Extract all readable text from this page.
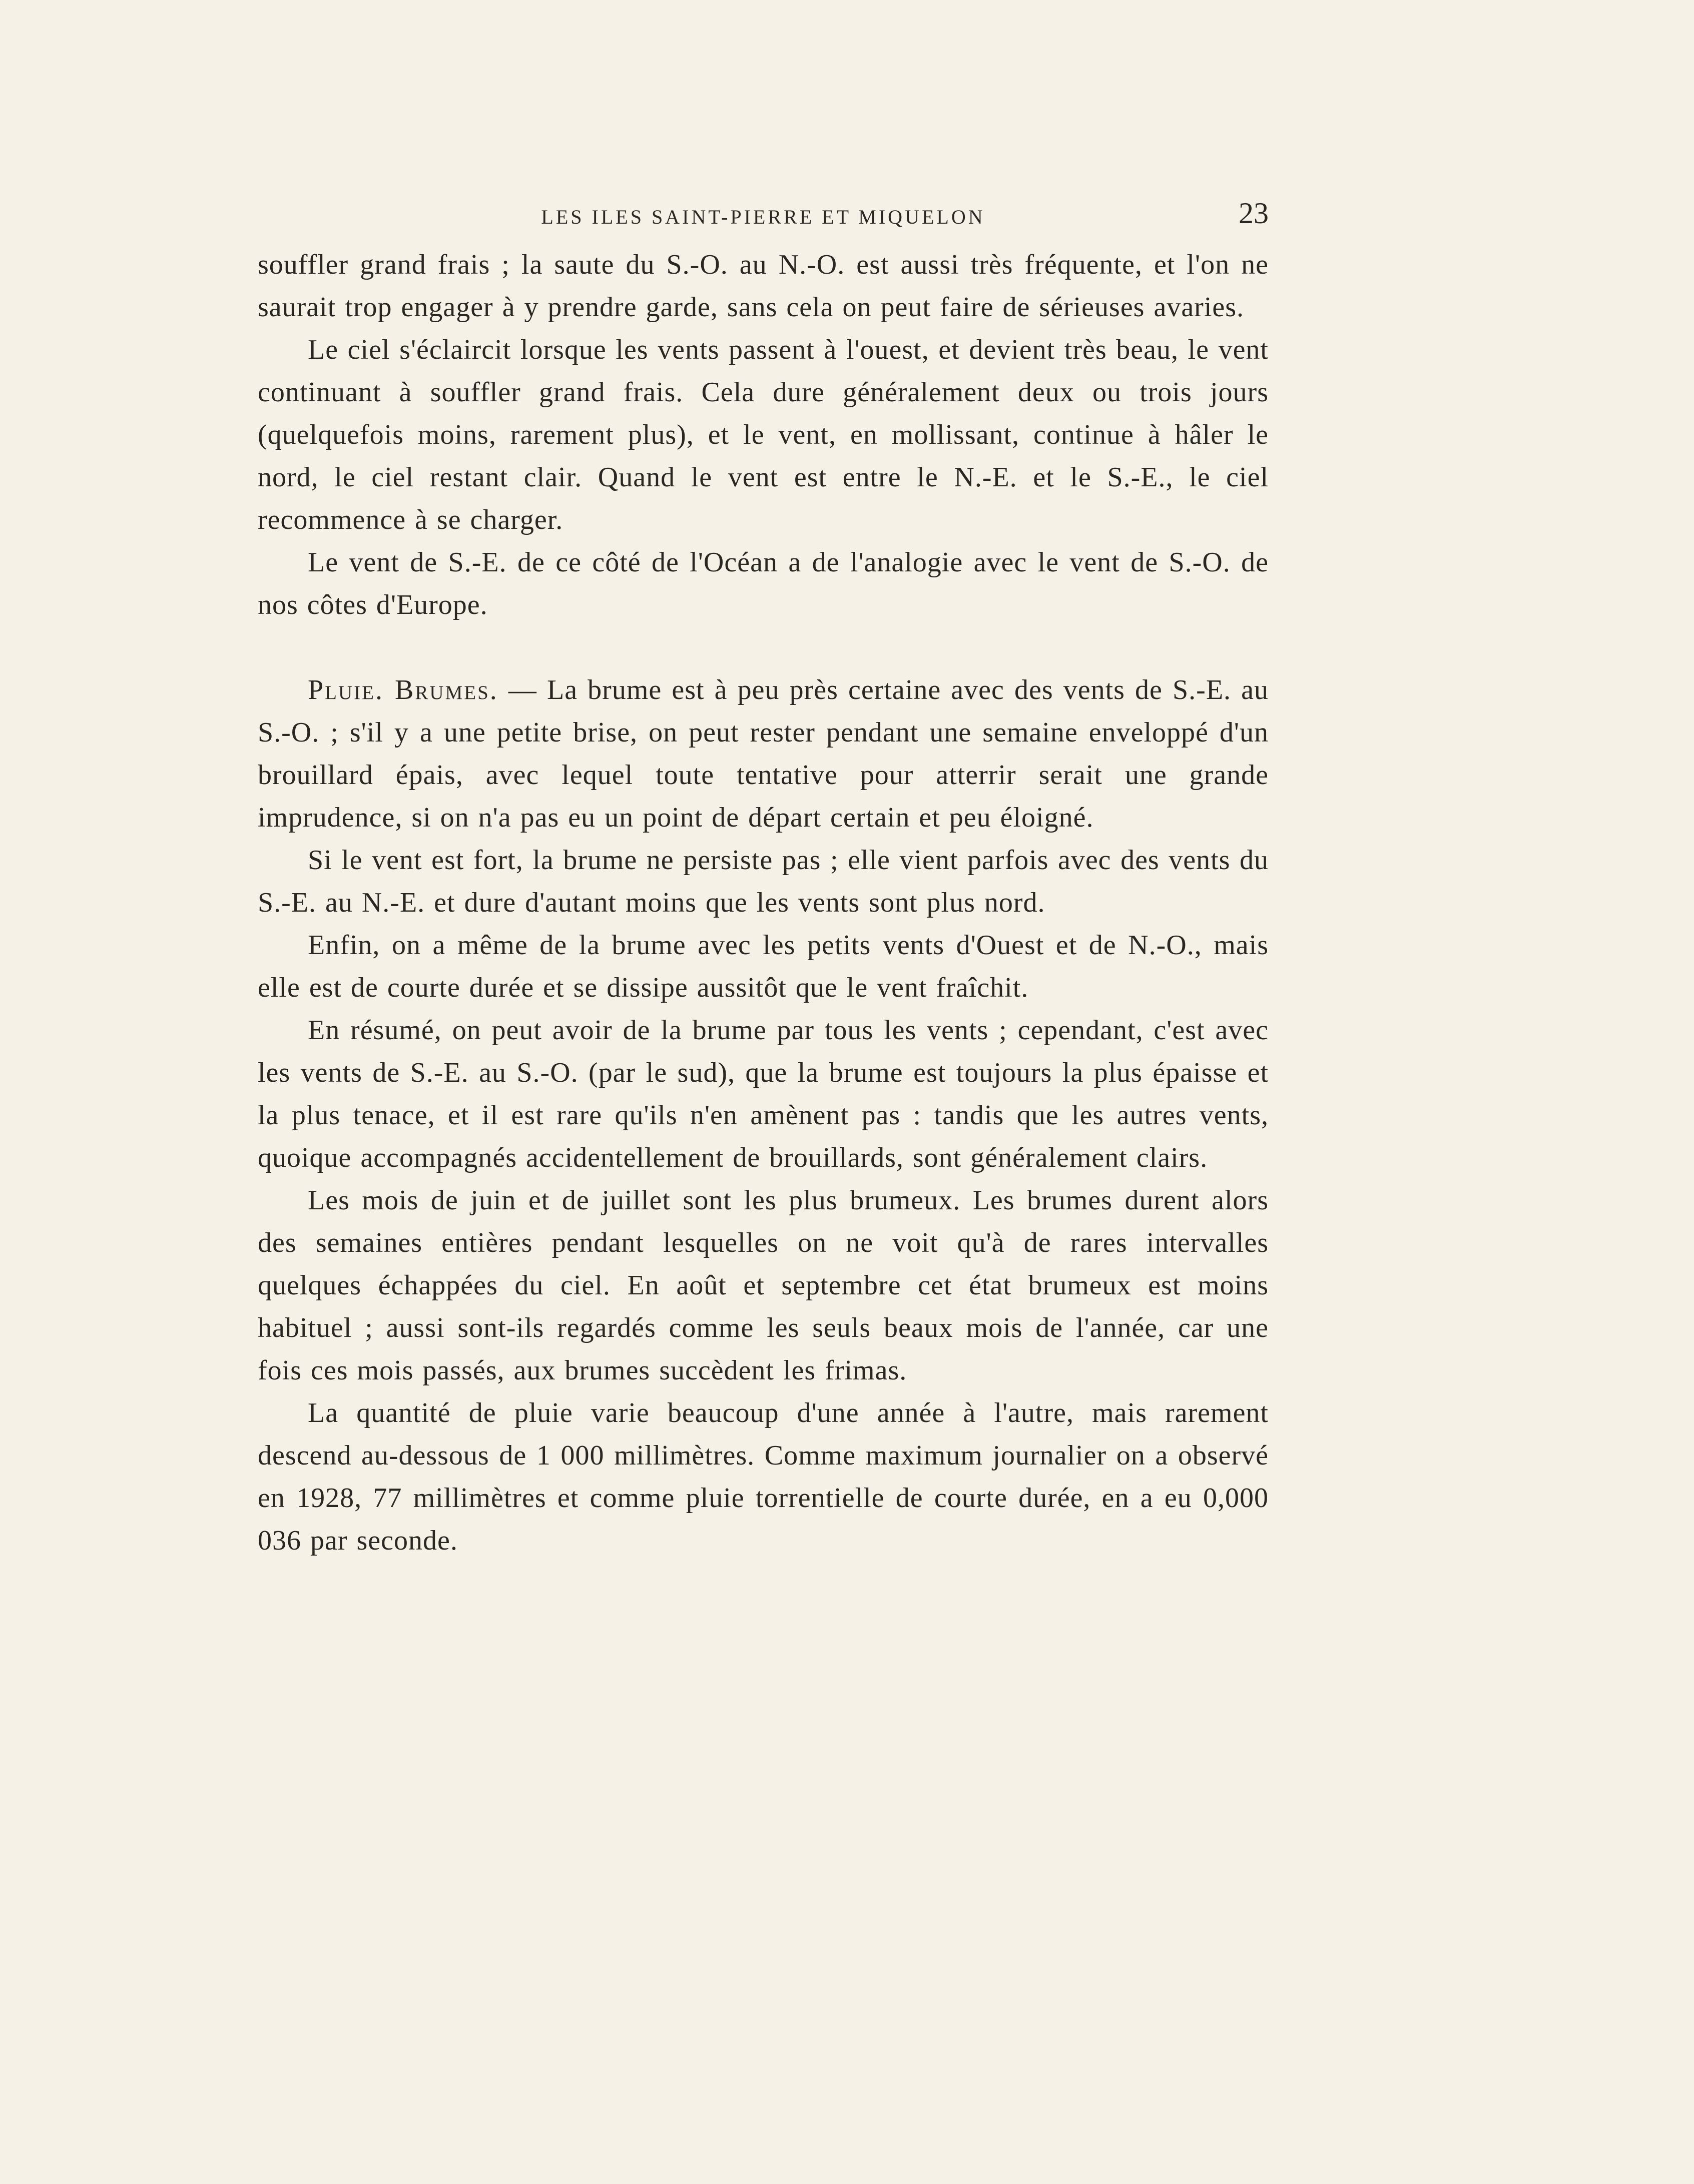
LES ILES SAINT-PIERRE ET MIQUELON	23

souffler grand frais ; la saute du S.-O. au N.-O. est aussi très fréquente, et l'on ne saurait trop engager à y prendre garde, sans cela on peut faire de sérieuses avaries.

Le ciel s'éclaircit lorsque les vents passent à l'ouest, et devient très beau, le vent continuant à souffler grand frais. Cela dure généralement deux ou trois jours (quelquefois moins, rarement plus), et le vent, en mollissant, continue à hâler le nord, le ciel restant clair. Quand le vent est entre le N.-E. et le S.-E., le ciel recommence à se charger.

Le vent de S.-E. de ce côté de l'Océan a de l'analogie avec le vent de S.-O. de nos côtes d'Europe.

Pluie. Brumes. — La brume est à peu près certaine avec des vents de S.-E. au S.-O. ; s'il y a une petite brise, on peut rester pendant une semaine enveloppé d'un brouillard épais, avec lequel toute tentative pour atterrir serait une grande imprudence, si on n'a pas eu un point de départ certain et peu éloigné.

Si le vent est fort, la brume ne persiste pas ; elle vient parfois avec des vents du S.-E. au N.-E. et dure d'autant moins que les vents sont plus nord.

Enfin, on a même de la brume avec les petits vents d'Ouest et de N.-O., mais elle est de courte durée et se dissipe aussitôt que le vent fraîchit.

En résumé, on peut avoir de la brume par tous les vents ; cependant, c'est avec les vents de S.-E. au S.-O. (par le sud), que la brume est toujours la plus épaisse et la plus tenace, et il est rare qu'ils n'en amènent pas : tandis que les autres vents, quoique accompagnés accidentellement de brouillards, sont généralement clairs.

Les mois de juin et de juillet sont les plus brumeux. Les brumes durent alors des semaines entières pendant lesquelles on ne voit qu'à de rares intervalles quelques échappées du ciel. En août et septembre cet état brumeux est moins habituel ; aussi sont-ils regardés comme les seuls beaux mois de l'année, car une fois ces mois passés, aux brumes succèdent les frimas.

La quantité de pluie varie beaucoup d'une année à l'autre, mais rarement descend au-dessous de 1 000 millimètres. Comme maximum journalier on a observé en 1928, 77 millimètres et comme pluie torrentielle de courte durée, en a eu 0,000 036 par seconde.
